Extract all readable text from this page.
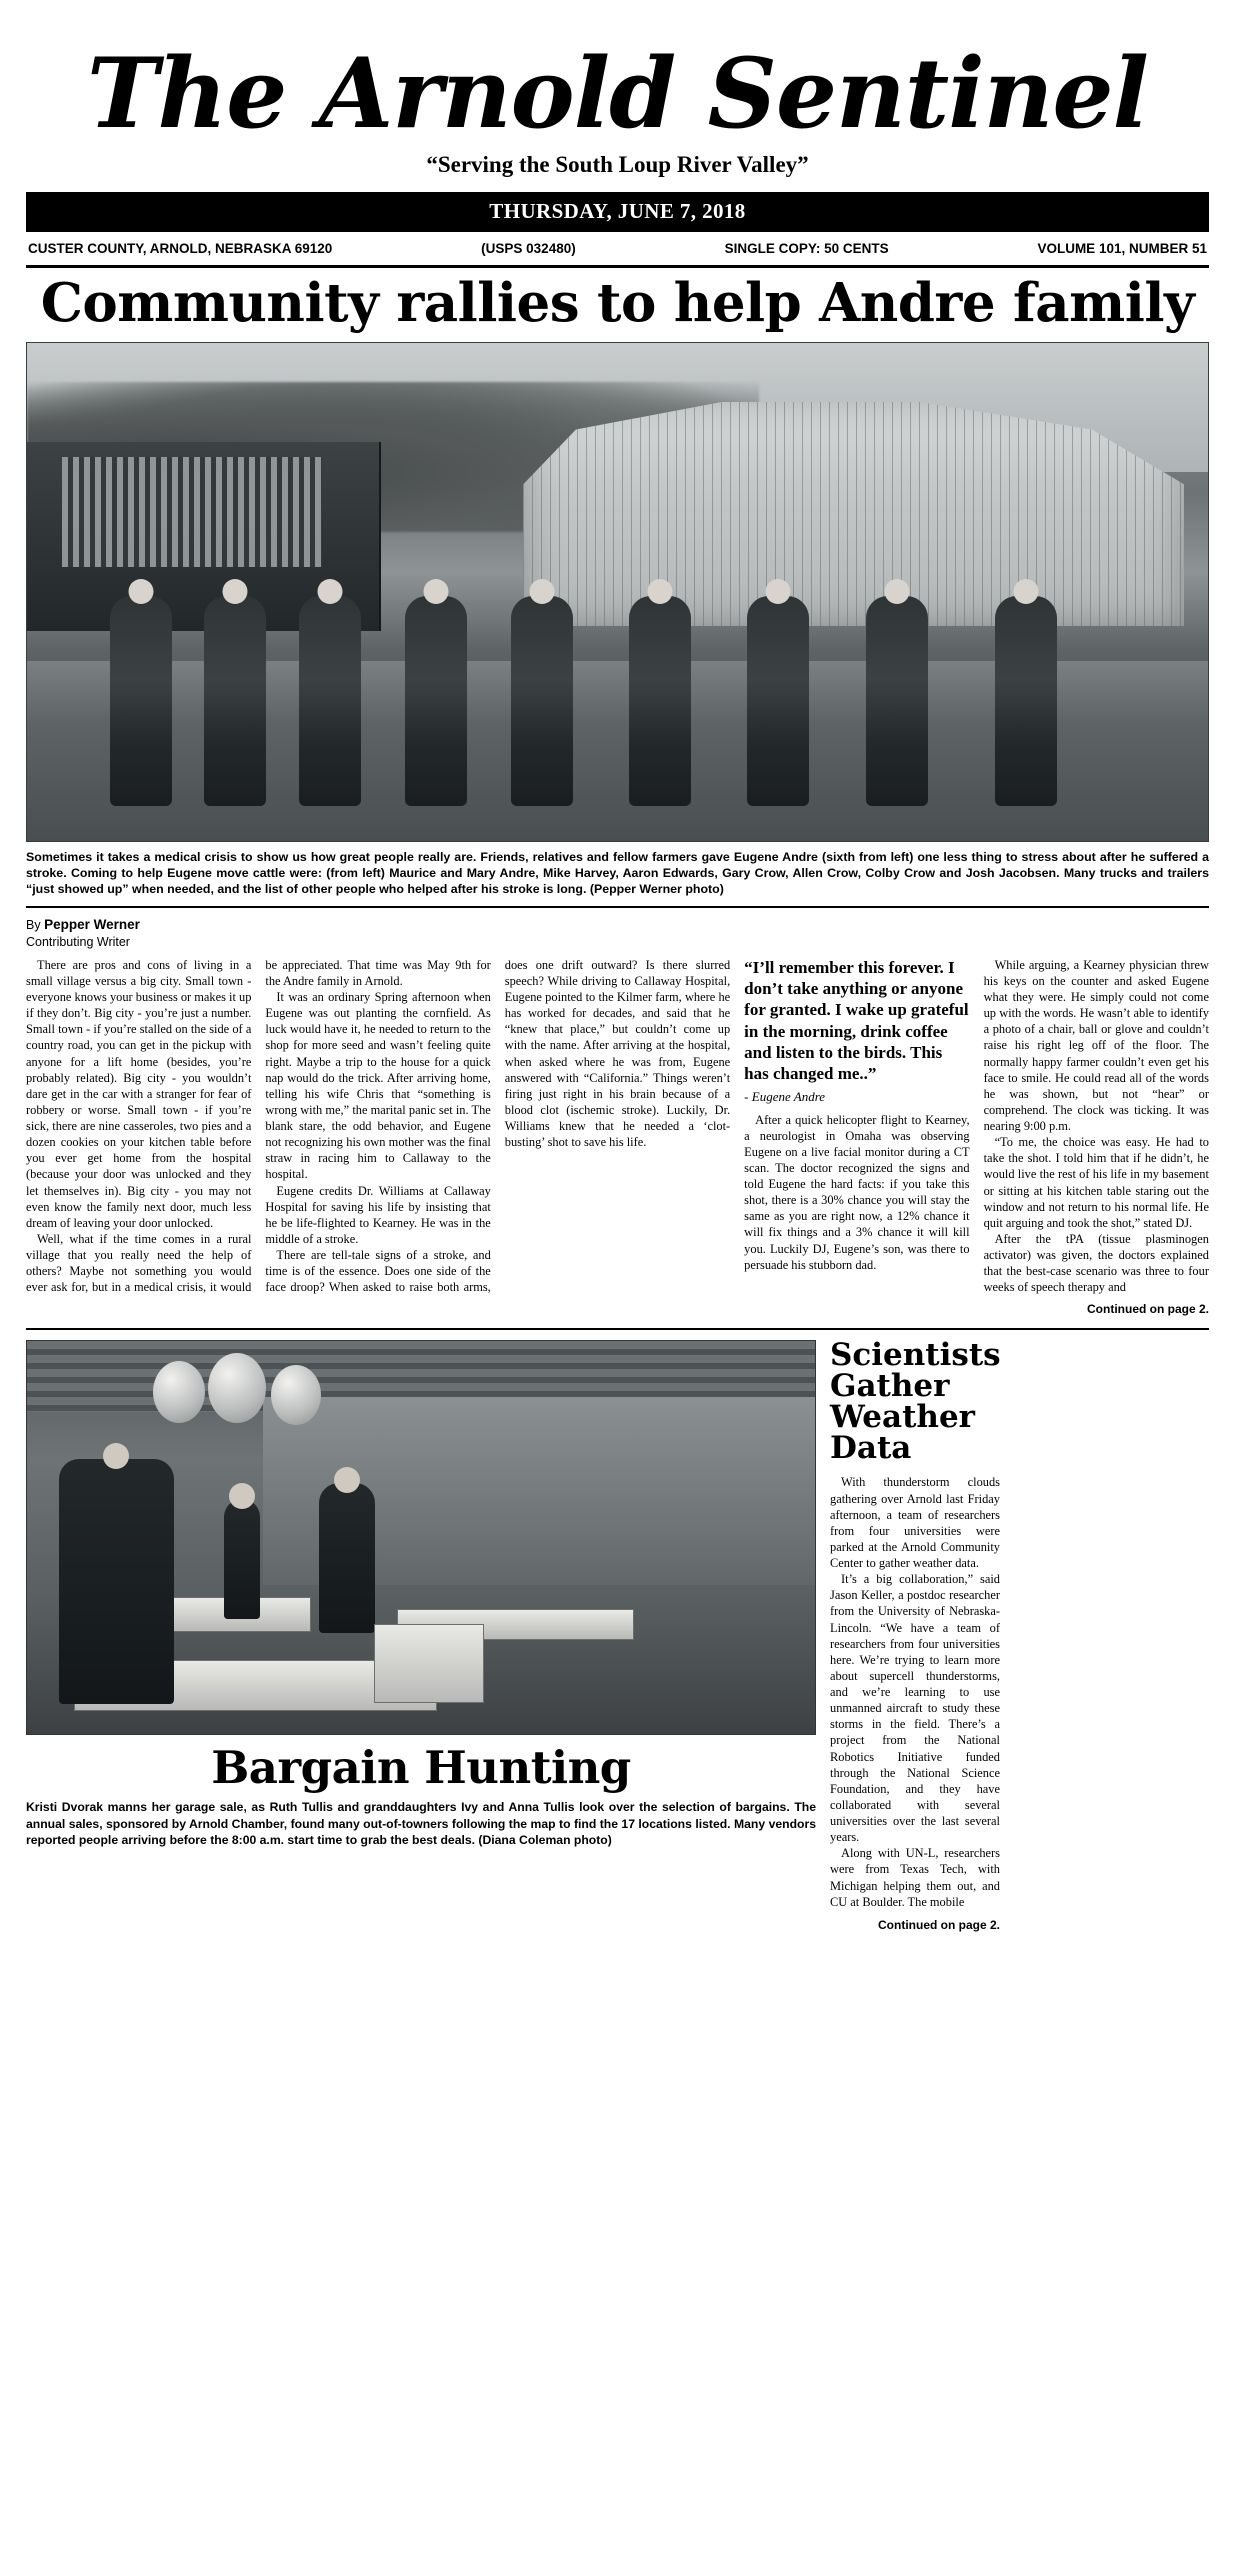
The Arnold Sentinel
“Serving the South Loup River Valley”
THURSDAY, JUNE 7, 2018
CUSTER COUNTY, ARNOLD, NEBRASKA 69120	(USPS 032480)	SINGLE COPY: 50 CENTS	VOLUME 101, NUMBER 51
Community rallies to help Andre family
Sometimes it takes a medical crisis to show us how great people really are. Friends, relatives and fellow farmers gave Eugene Andre (sixth from left) one less thing to stress about after he suffered a stroke. Coming to help Eugene move cattle were: (from left) Maurice and Mary Andre, Mike Harvey, Aaron Edwards, Gary Crow, Allen Crow, Colby Crow and Josh Jacobsen. Many trucks and trailers “just showed up” when needed, and the list of other people who helped after his stroke is long. (Pepper Werner photo)
By Pepper Werner
Contributing Writer

There are pros and cons of living in a small village versus a big city. Small town - everyone knows your business or makes it up if they don’t. Big city - you’re just a number. Small town - if you’re stalled on the side of a country road, you can get in the pickup with anyone for a lift home (besides, you’re probably related). Big city - you wouldn’t dare get in the car with a stranger for fear of robbery or worse. Small town - if you’re sick, there are nine casseroles, two pies and a dozen cookies on your kitchen table before you ever get home from the hospital (because your door was unlocked and they let themselves in). Big city - you may not even know the family next door, much less dream of leaving your door unlocked.

Well, what if the time comes in a rural village that you really need the help of others? Maybe not something you would ever ask for, but in a medical crisis, it would be appreciated. That time was May 9th for the Andre family in Arnold.

It was an ordinary Spring afternoon when Eugene was out planting the cornfield. As luck would have it, he needed to return to the shop for more seed and wasn’t feeling quite right. Maybe a trip to the house for a quick nap would do the trick. After arriving home, telling his wife Chris that “something is wrong with me,” the marital panic set in. The blank stare, the odd behavior, and Eugene not recognizing his own mother was the final straw in racing him to Callaway to the hospital.

Eugene credits Dr. Williams at Callaway Hospital for saving his life by insisting that he be life-flighted to Kearney. He was in the middle of a stroke.

There are tell-tale signs of a stroke, and time is of the essence. Does one side of the face droop? When asked to raise both arms, does one drift outward? Is there slurred speech? While driving to Callaway Hospital, Eugene pointed to the Kilmer farm, where he has worked for decades, and said that he “knew that place,” but couldn’t come up with the name. After arriving at the hospital, when asked where he was from, Eugene answered with “California.” Things weren’t firing just right in his brain because of a blood clot (ischemic stroke). Luckily, Dr. Williams knew that he needed a ‘clot-busting’ shot to save his life.

“I’ll remember this forever. I don’t take anything or anyone for granted. I wake up grateful in the morning, drink coffee and listen to the birds. This has changed me..”
- Eugene Andre

After a quick helicopter flight to Kearney, a neurologist in Omaha was observing Eugene on a live facial monitor during a CT scan. The doctor recognized the signs and told Eugene the hard facts: if you take this shot, there is a 30% chance you will stay the same as you are right now, a 12% chance it will fix things and a 3% chance it will kill you. Luckily DJ, Eugene’s son, was there to persuade his stubborn dad.

While arguing, a Kearney physician threw his keys on the counter and asked Eugene what they were. He simply could not come up with the words. He wasn’t able to identify a photo of a chair, ball or glove and couldn’t raise his right leg off of the floor. The normally happy farmer couldn’t even get his face to smile. He could read all of the words he was shown, but not “hear” or comprehend. The clock was ticking. It was nearing 9:00 p.m.

“To me, the choice was easy. He had to take the shot. I told him that if he didn’t, he would live the rest of his life in my basement or sitting at his kitchen table staring out the window and not return to his normal life. He quit arguing and took the shot,” stated DJ.

After the tPA (tissue plasminogen activator) was given, the doctors explained that the best-case scenario was three to four weeks of speech therapy and

Continued on page 2.
Bargain Hunting
Kristi Dvorak manns her garage sale, as Ruth Tullis and granddaughters Ivy and Anna Tullis look over the selection of bargains. The annual sales, sponsored by Arnold Chamber, found many out-of-towners following the map to find the 17 locations listed. Many vendors reported people arriving before the 8:00 a.m. start time to grab the best deals. (Diana Coleman photo)
Scientists Gather Weather Data

With thunderstorm clouds gathering over Arnold last Friday afternoon, a team of researchers from four universities were parked at the Arnold Community Center to gather weather data.

It’s a big collaboration,” said Jason Keller, a postdoc researcher from the University of Nebraska-Lincoln. “We have a team of researchers from four universities here. We’re trying to learn more about supercell thunderstorms, and we’re learning to use unmanned aircraft to study these storms in the field. There’s a project from the National Robotics Initiative funded through the National Science Foundation, and they have collaborated with several universities over the last several years.

Along with UN-L, researchers were from Texas Tech, with Michigan helping them out, and CU at Boulder. The mobile

Continued on page 2.
